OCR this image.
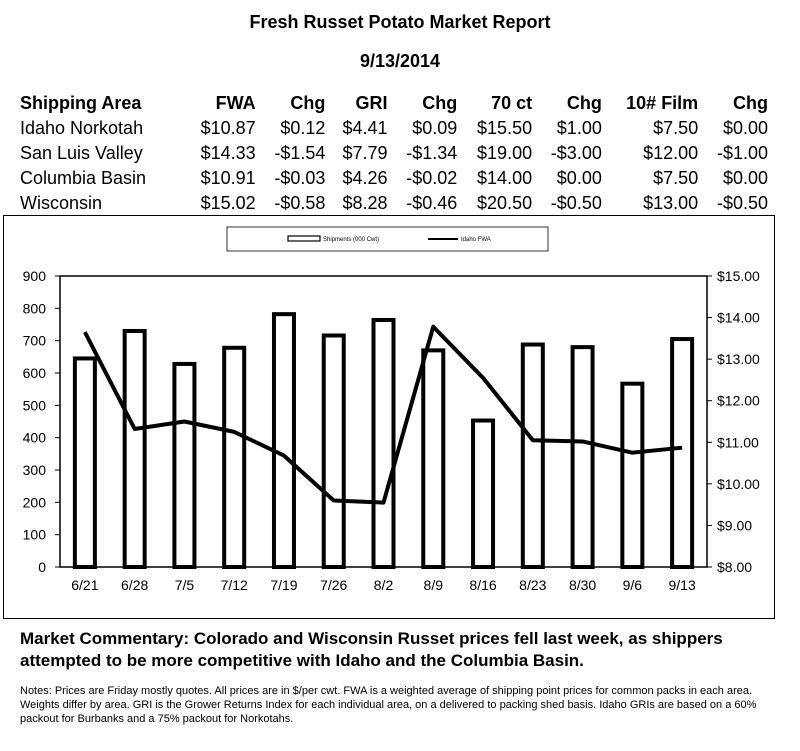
Fresh Russet Potato Market Report
9/13/2014
Shipping Area	FWA	Chg	GRI	Chg	70 ct	Chg	10# Film	Chg
Idaho Norkotah	$10.87	$0.12	$4.41	$0.09	$15.50	$1.00	$7.50	$0.00
San Luis Valley	$14.33	-$1.54	$7.79	-$1.34	$19.00	-$3.00	$12.00	-$1.00
Columbia Basin	$10.91	-$0.03	$4.26	-$0.02	$14.00	$0.00	$7.50	$0.00
Wisconsin	$15.02	-$0.58	$8.28	-$0.46	$20.50	-$0.50	$13.00	-$0.50
0
100
200
300
400
500
600
700
800
900
$8.00
$9.00
$10.00
$11.00
$12.00
$13.00
$14.00
$15.00
6/21 6/28 7/5 7/12 7/19 7/26 8/2 8/9 8/16 8/23 8/30 9/6 9/13
Shipments (000 Cwt)	Idaho FWA
Market Commentary: Colorado and Wisconsin Russet prices fell last week, as shippers attempted to be more competitive with Idaho and the Columbia Basin.
Notes: Prices are Friday mostly quotes. All prices are in $/per cwt. FWA is a weighted average of shipping point prices for common packs in each area. Weights differ by area. GRI is the Grower Returns Index for each individual area, on a delivered to packing shed basis. Idaho GRIs are based on a 60% packout for Burbanks and a 75% packout for Norkotahs.
